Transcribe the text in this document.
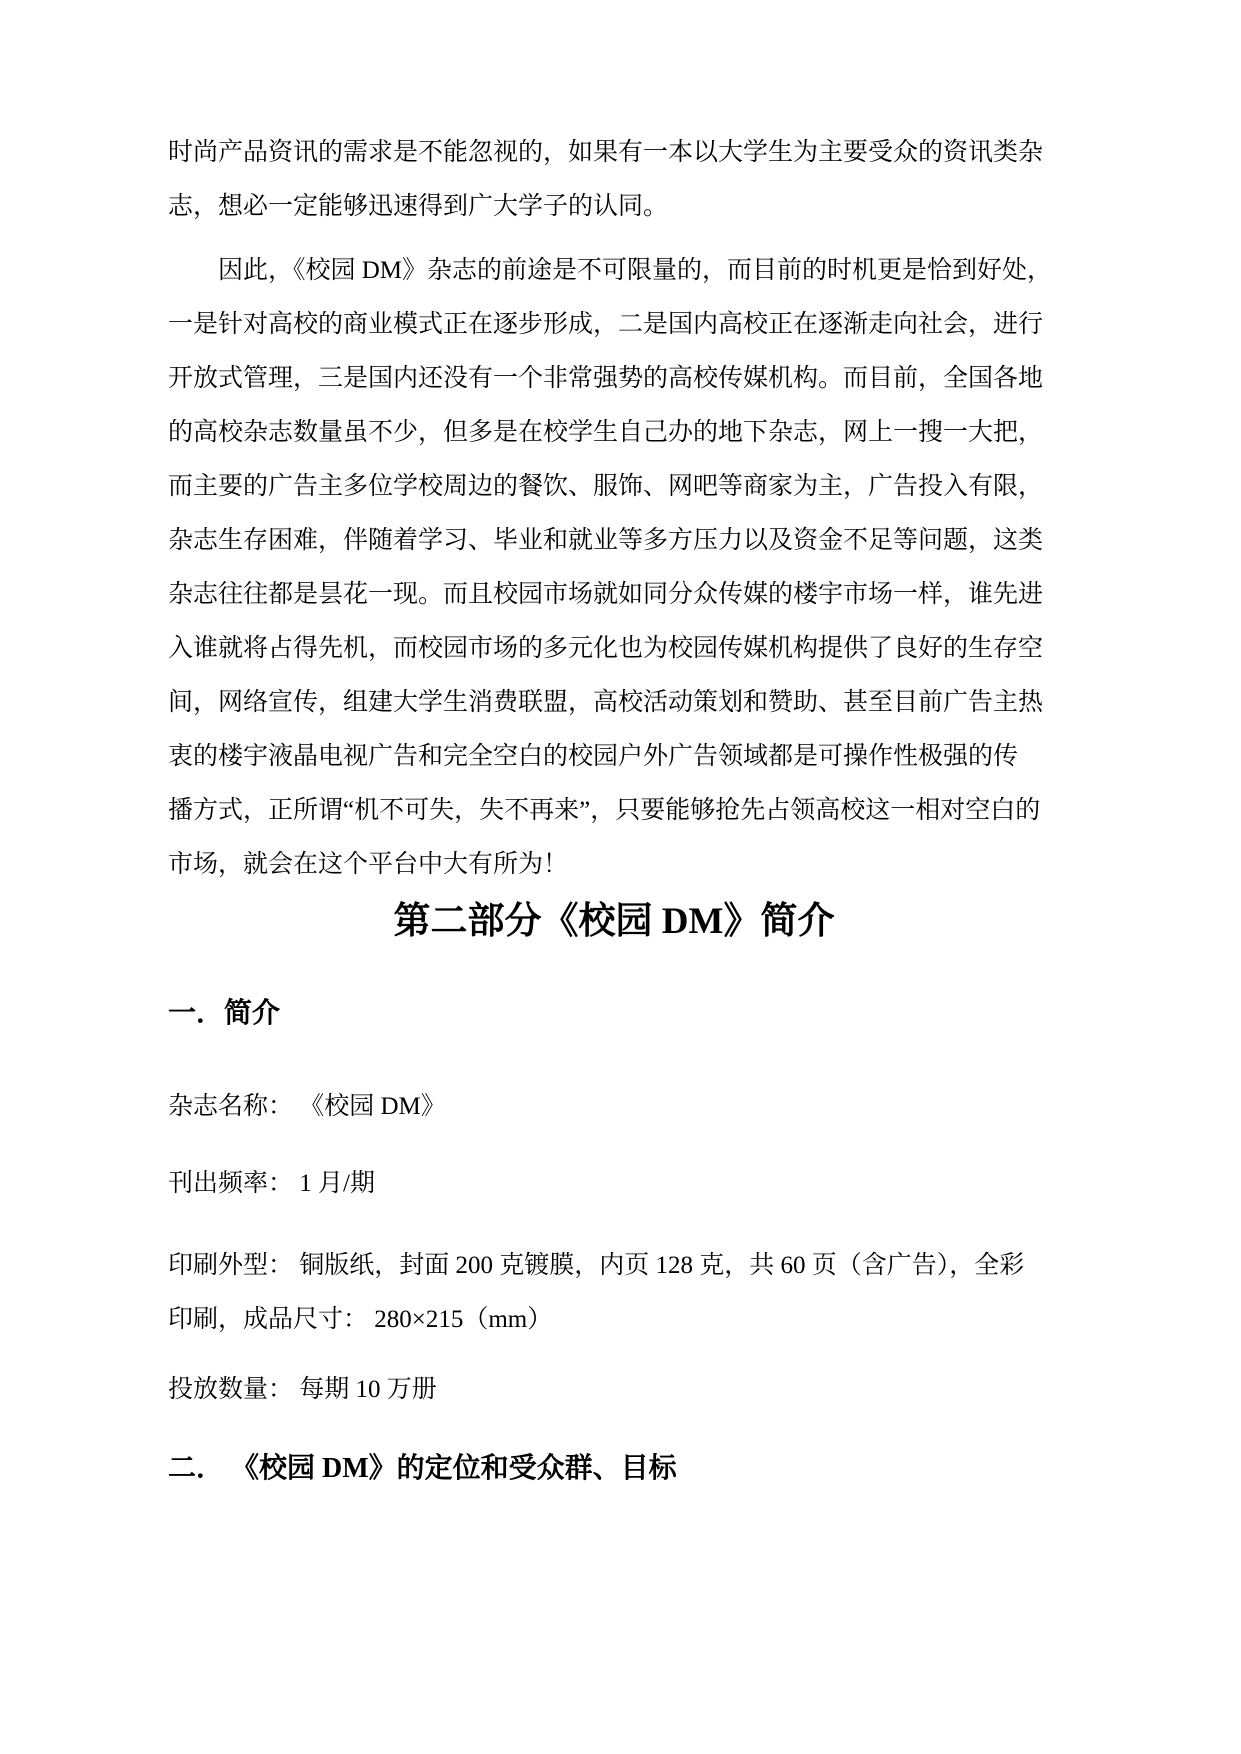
时尚产品资讯的需求是不能忽视的，如果有一本以大学生为主要受众的资讯类杂
志，想必一定能够迅速得到广大学子的认同。
因此，《校园 DM》杂志的前途是不可限量的，而目前的时机更是恰到好处，
一是针对高校的商业模式正在逐步形成，二是国内高校正在逐渐走向社会，进行
开放式管理，三是国内还没有一个非常强势的高校传媒机构。而目前，全国各地
的高校杂志数量虽不少，但多是在校学生自己办的地下杂志，网上一搜一大把，
而主要的广告主多位学校周边的餐饮、服饰、网吧等商家为主，广告投入有限，
杂志生存困难，伴随着学习、毕业和就业等多方压力以及资金不足等问题，这类
杂志往往都是昙花一现。而且校园市场就如同分众传媒的楼宇市场一样，谁先进
入谁就将占得先机，而校园市场的多元化也为校园传媒机构提供了良好的生存空
间，网络宣传，组建大学生消费联盟，高校活动策划和赞助、甚至目前广告主热
衷的楼宇液晶电视广告和完全空白的校园户外广告领域都是可操作性极强的传
播方式，正所谓“机不可失，失不再来”，只要能够抢先占领高校这一相对空白的
市场，就会在这个平台中大有所为！
第二部分《校园 DM》简介
一．简介
杂志名称： 《校园 DM》
刊出频率： 1 月/期
印刷外型： 铜版纸，封面 200 克镀膜，内页 128 克，共 60 页（含广告），全彩
印刷，成品尺寸： 280×215（mm）
投放数量： 每期 10 万册
二． 《校园 DM》的定位和受众群、目标
